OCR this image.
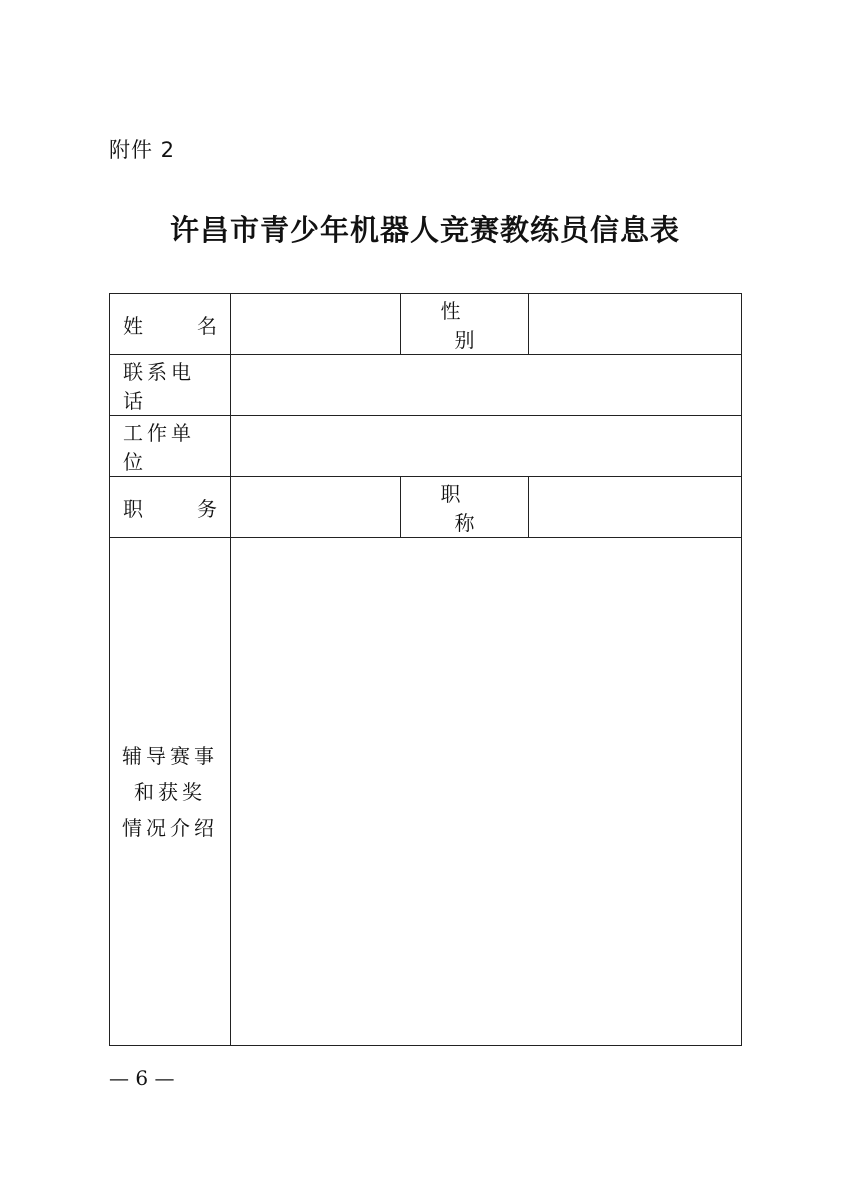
附件 2
许昌市青少年机器人竞赛教练员信息表
姓 名		性 别	
联系电话			
工作单位			

职 务		职 称	

辅导赛事
和获奖
情况介绍			

— 6 —
